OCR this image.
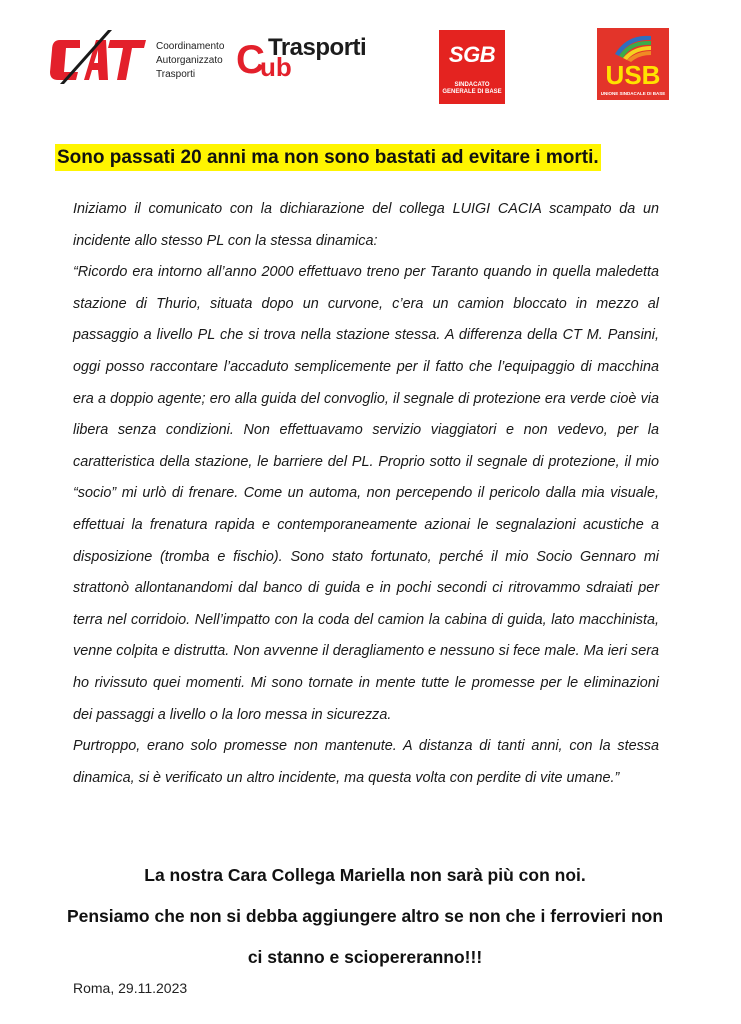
Coordinamento
Autorganizzato
Trasporti	C
ub
Trasporti	SGB
SINDACATO
GENERALE DI BASE
USB
UNIONE SINDACALE DI BASE
Sono passati 20 anni ma non sono bastati ad evitare i morti.

Iniziamo il comunicato con la dichiarazione del collega LUIGI CACIA scampato da un incidente allo stesso PL con la stessa dinamica:

“Ricordo era intorno all’anno 2000 effettuavo treno per Taranto quando in quella maledetta stazione di Thurio, situata dopo un curvone, c’era un camion bloccato in mezzo al passaggio a livello PL che si trova nella stazione stessa. A differenza della CT M. Pansini, oggi posso raccontare l’accaduto semplicemente per il fatto che l’equipaggio di macchina era a doppio agente; ero alla guida del convoglio, il segnale di protezione era verde cioè via libera senza condizioni. Non effettuavamo servizio viaggiatori e non vedevo, per la caratteristica della stazione, le barriere del PL. Proprio sotto il segnale di protezione, il mio “socio” mi urlò di frenare. Come un automa, non percependo il pericolo dalla mia visuale, effettuai la frenatura rapida e contemporaneamente azionai le segnalazioni acustiche a disposizione (tromba e fischio). Sono stato fortunato, perché il mio Socio Gennaro mi strattonò allontanandomi dal banco di guida e in pochi secondi ci ritrovammo sdraiati per terra nel corridoio. Nell’impatto con la coda del camion la cabina di guida, lato macchinista, venne colpita e distrutta. Non avvenne il deragliamento e nessuno si fece male. Ma ieri sera ho rivissuto quei momenti. Mi sono tornate in mente tutte le promesse per le eliminazioni dei passaggi a livello o la loro messa in sicurezza.

Purtroppo, erano solo promesse non mantenute. A distanza di tanti anni, con la stessa dinamica, si è verificato un altro incidente, ma questa volta con perdite di vite umane.”

La nostra Cara Collega Mariella non sarà più con noi.

Pensiamo che non si debba aggiungere altro se non che i ferrovieri non ci stanno e sciopereranno!!!

Roma, 29.11.2023
